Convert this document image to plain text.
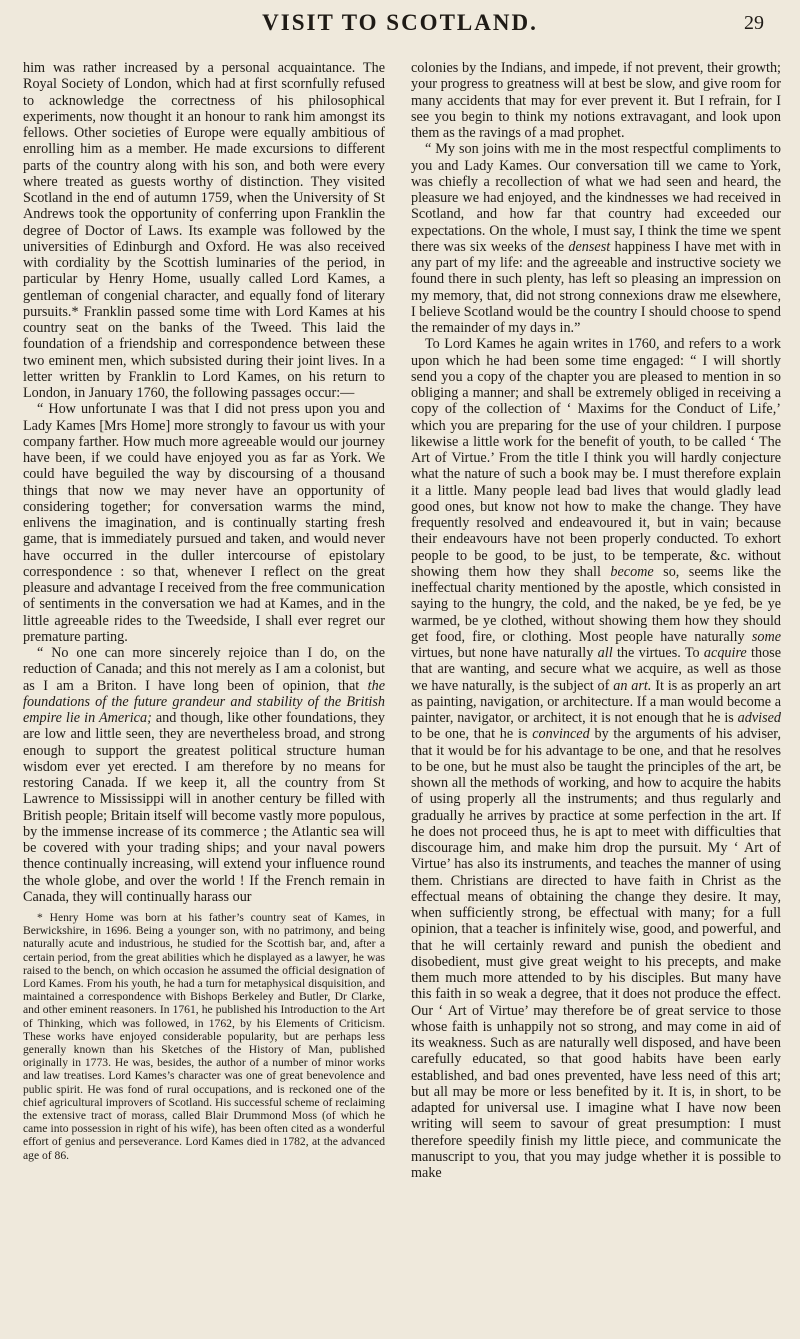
VISIT TO SCOTLAND.	29

him was rather increased by a personal acquaintance. The Royal Society of London, which had at first scornfully refused to acknowledge the correctness of his philosophical experiments, now thought it an honour to rank him amongst its fellows. Other societies of Europe were equally ambitious of enrolling him as a member. He made excursions to different parts of the country along with his son, and both were every where treated as guests worthy of distinction. They visited Scotland in the end of autumn 1759, when the University of St Andrews took the opportunity of conferring upon Franklin the degree of Doctor of Laws. Its example was followed by the universities of Edinburgh and Oxford. He was also received with cordiality by the Scottish luminaries of the period, in particular by Henry Home, usually called Lord Kames, a gentleman of congenial character, and equally fond of literary pursuits.* Franklin passed some time with Lord Kames at his country seat on the banks of the Tweed. This laid the foundation of a friendship and correspondence between these two eminent men, which subsisted during their joint lives. In a letter written by Franklin to Lord Kames, on his return to London, in January 1760, the following passages occur:—

“ How unfortunate I was that I did not press upon you and Lady Kames [Mrs Home] more strongly to favour us with your company farther. How much more agreeable would our journey have been, if we could have enjoyed you as far as York. We could have beguiled the way by discoursing of a thousand things that now we may never have an opportunity of considering together; for conversation warms the mind, enlivens the imagination, and is continually starting fresh game, that is immediately pursued and taken, and would never have occurred in the duller intercourse of epistolary correspondence : so that, whenever I reflect on the great pleasure and advantage I received from the free communication of sentiments in the conversation we had at Kames, and in the little agreeable rides to the Tweedside, I shall ever regret our premature parting.

“ No one can more sincerely rejoice than I do, on the reduction of Canada; and this not merely as I am a colonist, but as I am a Briton. I have long been of opinion, that the foundations of the future grandeur and stability of the British empire lie in America; and though, like other foundations, they are low and little seen, they are nevertheless broad, and strong enough to support the greatest political structure human wisdom ever yet erected. I am therefore by no means for restoring Canada. If we keep it, all the country from St Lawrence to Mississippi will in another century be filled with British people; Britain itself will become vastly more populous, by the immense increase of its commerce ; the Atlantic sea will be covered with your trading ships; and your naval powers thence continually increasing, will extend your influence round the whole globe, and over the world ! If the French remain in Canada, they will continually harass our

* Henry Home was born at his father’s country seat of Kames, in Berwickshire, in 1696. Being a younger son, with no patrimony, and being naturally acute and industrious, he studied for the Scottish bar, and, after a certain period, from the great abilities which he displayed as a lawyer, he was raised to the bench, on which occasion he assumed the official designation of Lord Kames. From his youth, he had a turn for metaphysical disquisition, and maintained a correspondence with Bishops Berkeley and Butler, Dr Clarke, and other eminent reasoners. In 1761, he published his Introduction to the Art of Thinking, which was followed, in 1762, by his Elements of Criticism. These works have enjoyed considerable popularity, but are perhaps less generally known than his Sketches of the History of Man, published originally in 1773. He was, besides, the author of a number of minor works and law treatises. Lord Kames’s character was one of great benevolence and public spirit. He was fond of rural occupations, and is reckoned one of the chief agricultural improvers of Scotland. His successful scheme of reclaiming the extensive tract of morass, called Blair Drummond Moss (of which he came into possession in right of his wife), has been often cited as a wonderful effort of genius and perseverance. Lord Kames died in 1782, at the advanced age of 86.

colonies by the Indians, and impede, if not prevent, their growth; your progress to greatness will at best be slow, and give room for many accidents that may for ever prevent it. But I refrain, for I see you begin to think my notions extravagant, and look upon them as the ravings of a mad prophet.

“ My son joins with me in the most respectful compliments to you and Lady Kames. Our conversation till we came to York, was chiefly a recollection of what we had seen and heard, the pleasure we had enjoyed, and the kindnesses we had received in Scotland, and how far that country had exceeded our expectations. On the whole, I must say, I think the time we spent there was six weeks of the densest happiness I have met with in any part of my life: and the agreeable and instructive society we found there in such plenty, has left so pleasing an impression on my memory, that, did not strong connexions draw me elsewhere, I believe Scotland would be the country I should choose to spend the remainder of my days in.”

To Lord Kames he again writes in 1760, and refers to a work upon which he had been some time engaged: “ I will shortly send you a copy of the chapter you are pleased to mention in so obliging a manner; and shall be extremely obliged in receiving a copy of the collection of ‘ Maxims for the Conduct of Life,’ which you are preparing for the use of your children. I purpose likewise a little work for the benefit of youth, to be called ‘ The Art of Virtue.’ From the title I think you will hardly conjecture what the nature of such a book may be. I must therefore explain it a little. Many people lead bad lives that would gladly lead good ones, but know not how to make the change. They have frequently resolved and endeavoured it, but in vain; because their endeavours have not been properly conducted. To exhort people to be good, to be just, to be temperate, &c. without showing them how they shall become so, seems like the ineffectual charity mentioned by the apostle, which consisted in saying to the hungry, the cold, and the naked, be ye fed, be ye warmed, be ye clothed, without showing them how they should get food, fire, or clothing. Most people have naturally some virtues, but none have naturally all the virtues. To acquire those that are wanting, and secure what we acquire, as well as those we have naturally, is the subject of an art. It is as properly an art as painting, navigation, or architecture. If a man would become a painter, navigator, or architect, it is not enough that he is advised to be one, that he is convinced by the arguments of his adviser, that it would be for his advantage to be one, and that he resolves to be one, but he must also be taught the principles of the art, be shown all the methods of working, and how to acquire the habits of using properly all the instruments; and thus regularly and gradually he arrives by practice at some perfection in the art. If he does not proceed thus, he is apt to meet with difficulties that discourage him, and make him drop the pursuit. My ‘ Art of Virtue’ has also its instruments, and teaches the manner of using them. Christians are directed to have faith in Christ as the effectual means of obtaining the change they desire. It may, when sufficiently strong, be effectual with many; for a full opinion, that a teacher is infinitely wise, good, and powerful, and that he will certainly reward and punish the obedient and disobedient, must give great weight to his precepts, and make them much more attended to by his disciples. But many have this faith in so weak a degree, that it does not produce the effect. Our ‘ Art of Virtue’ may therefore be of great service to those whose faith is unhappily not so strong, and may come in aid of its weakness. Such as are naturally well disposed, and have been carefully educated, so that good habits have been early established, and bad ones prevented, have less need of this art; but all may be more or less benefited by it. It is, in short, to be adapted for universal use. I imagine what I have now been writing will seem to savour of great presumption: I must therefore speedily finish my little piece, and communicate the manuscript to you, that you may judge whether it is possible to make
